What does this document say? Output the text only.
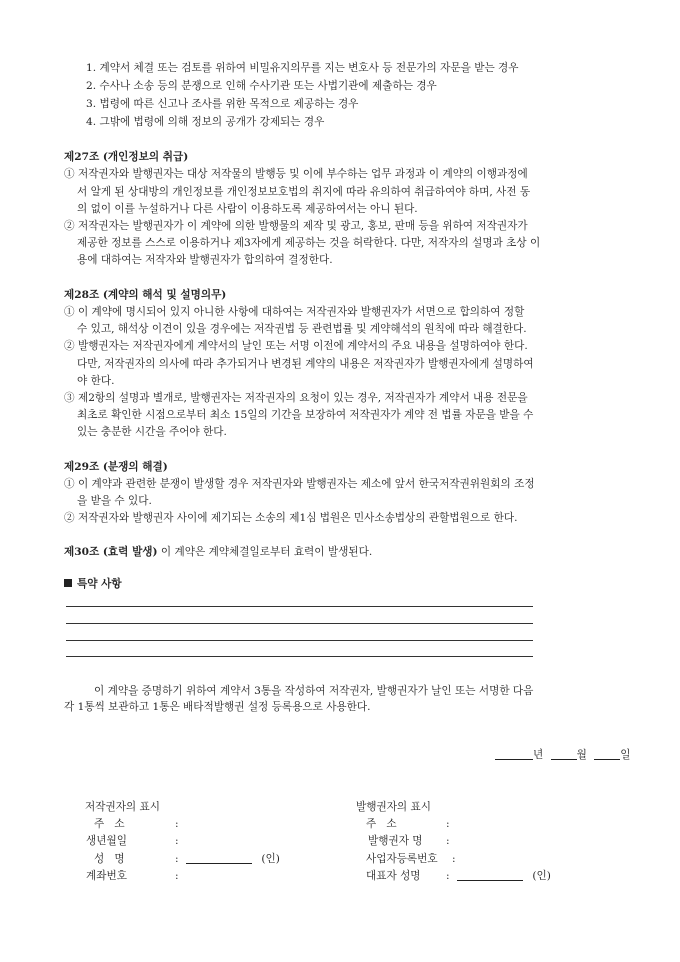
1. 계약서 체결 또는 검토를 위하여 비밀유지의무를 지는 변호사 등 전문가의 자문을 받는 경우
2. 수사나 소송 등의 분쟁으로 인해 수사기관 또는 사법기관에 제출하는 경우
3. 법령에 따른 신고나 조사를 위한 목적으로 제공하는 경우
4. 그밖에 법령에 의해 정보의 공개가 강제되는 경우
제27조 (개인정보의 취급)
① 저작권자와 발행권자는 대상 저작물의 발행등 및 이에 부수하는 업무 과정과 이 계약의 이행과정에
서 알게 된 상대방의 개인정보를 개인정보보호법의 취지에 따라 유의하여 취급하여야 하며, 사전 동
의 없이 이를 누설하거나 다른 사람이 이용하도록 제공하여서는 아니 된다.
② 저작권자는 발행권자가 이 계약에 의한 발행물의 제작 및 광고, 홍보, 판매 등을 위하여 저작권자가
제공한 정보를 스스로 이용하거나 제3자에게 제공하는 것을 허락한다. 다만, 저작자의 설명과 초상 이
용에 대하여는 저작자와 발행권자가 합의하여 결정한다.
제28조 (계약의 해석 및 설명의무)
① 이 계약에 명시되어 있지 아니한 사항에 대하여는 저작권자와 발행권자가 서면으로 합의하여 정할
수 있고, 해석상 이견이 있을 경우에는 저작권법 등 관련법률 및 계약해석의 원칙에 따라 해결한다.
② 발행권자는 저작권자에게 계약서의 날인 또는 서명 이전에 계약서의 주요 내용을 설명하여야 한다.
다만, 저작권자의 의사에 따라 추가되거나 변경된 계약의 내용은 저작권자가 발행권자에게 설명하여
야 한다.
③ 제2항의 설명과 별개로, 발행권자는 저작권자의 요청이 있는 경우, 저작권자가 계약서 내용 전문을
최초로 확인한 시점으로부터 최소 15일의 기간을 보장하여 저작권자가 계약 전 법률 자문을 받을 수
있는 충분한 시간을 주어야 한다.
제29조 (분쟁의 해결)
① 이 계약과 관련한 분쟁이 발생할 경우 저작권자와 발행권자는 제소에 앞서 한국저작권위원회의 조정
을 받을 수 있다.
② 저작권자와 발행권자 사이에 제기되는 소송의 제1심 법원은 민사소송법상의 관할법원으로 한다.
제30조 (효력 발생) 이 계약은 계약체결일로부터 효력이 발생된다.
특약 사항
이 계약을 증명하기 위하여 계약서 3통을 작성하여 저작권자, 발행권자가 날인 또는 서명한 다음
각 1통씩 보관하고 1통은 배타적발행권 설정 등록용으로 사용한다.
년	월	일
저작권자의 표시
주   소	:
생년월일	:
성   명	:	(인)
계좌번호	:
발행권자의 표시
주   소	:
발행권자 명 :
사업자등록번호 :
대표자 성명 :	(인)
